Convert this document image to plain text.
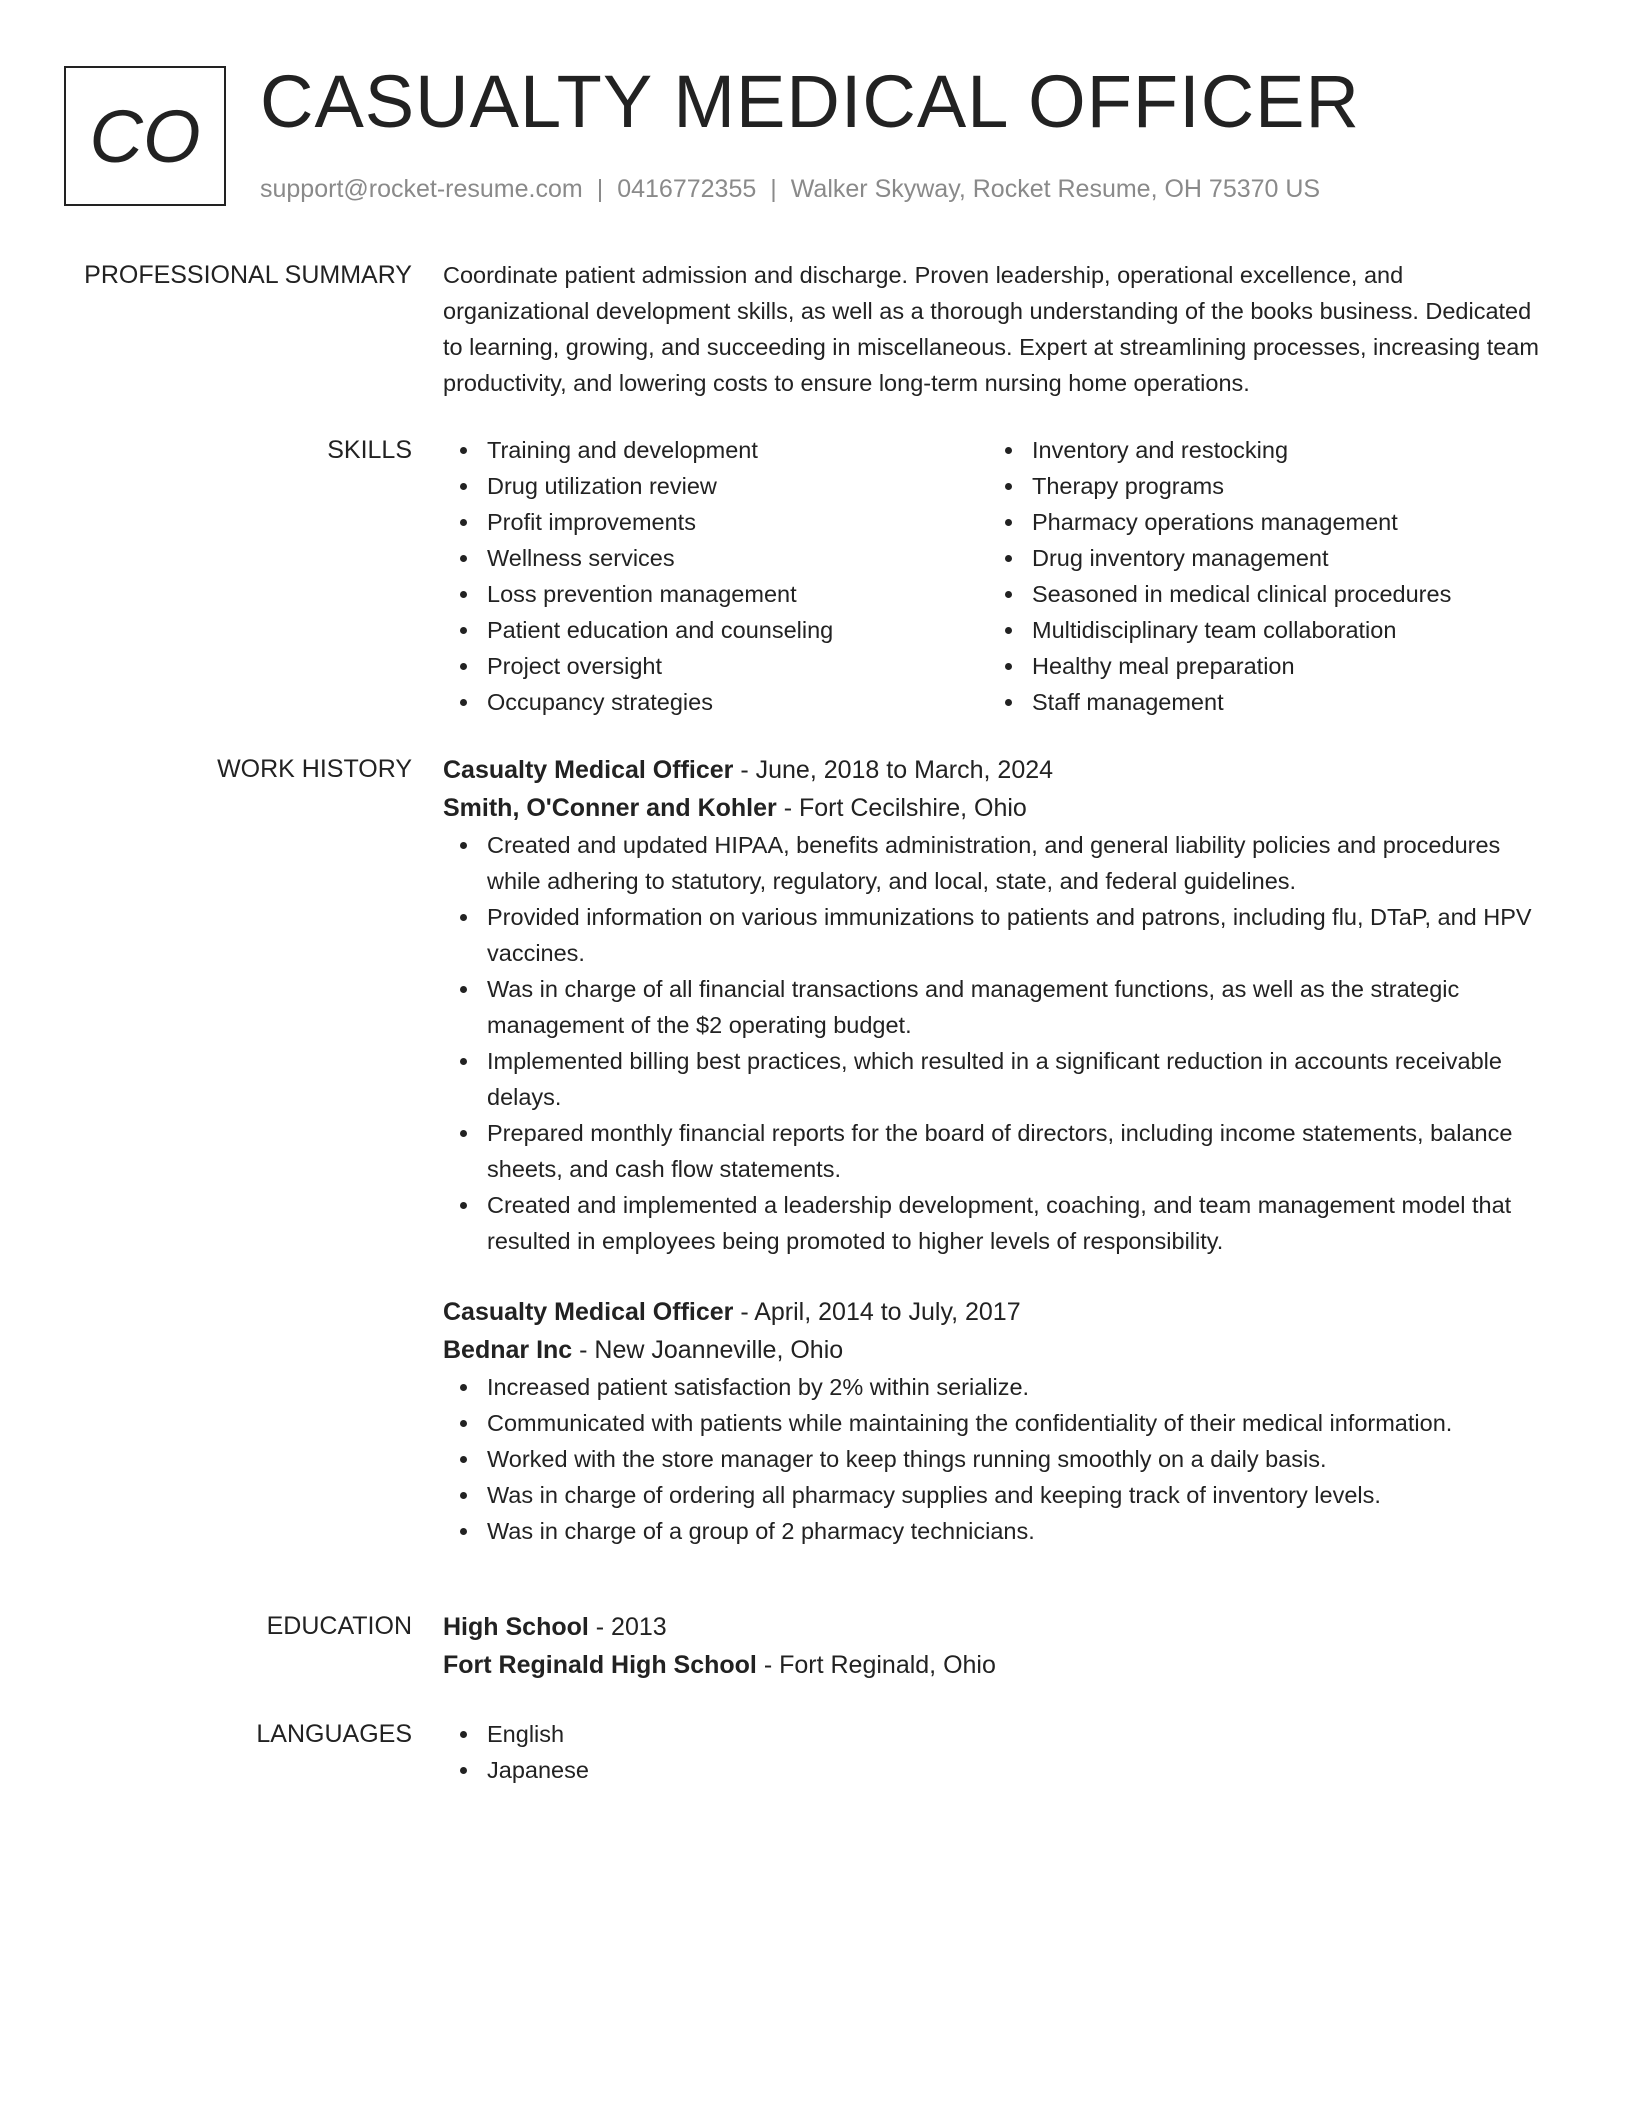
CO CASUALTY MEDICAL OFFICER
support@rocket-resume.com | 0416772355 | Walker Skyway, Rocket Resume, OH 75370 US
PROFESSIONAL SUMMARY Coordinate patient admission and discharge. Proven leadership, operational excellence, and organizational development skills, as well as a thorough understanding of the books business. Dedicated to learning, growing, and succeeding in miscellaneous. Expert at streamlining processes, increasing team productivity, and lowering costs to ensure long-term nursing home operations.

SKILLS	Training and development
Drug utilization review
Profit improvements
Wellness services
Loss prevention management
Patient education and counseling
Project oversight
Occupancy strategies
Inventory and restocking
Therapy programs
Pharmacy operations management
Drug inventory management
Seasoned in medical clinical procedures
Multidisciplinary team collaboration
Healthy meal preparation
Staff management
WORK HISTORY Casualty Medical Officer - June, 2018 to March, 2024
Smith, O'Conner and Kohler - Fort Cecilshire, Ohio
Created and updated HIPAA, benefits administration, and general liability policies and procedures while adhering to statutory, regulatory, and local, state, and federal guidelines.
Provided information on various immunizations to patients and patrons, including flu, DTaP, and HPV vaccines.
Was in charge of all financial transactions and management functions, as well as the strategic management of the $2 operating budget.
Implemented billing best practices, which resulted in a significant reduction in accounts receivable delays.
Prepared monthly financial reports for the board of directors, including income statements, balance sheets, and cash flow statements.
Created and implemented a leadership development, coaching, and team management model that resulted in employees being promoted to higher levels of responsibility.
Casualty Medical Officer - April, 2014 to July, 2017
Bednar Inc - New Joanneville, Ohio
Increased patient satisfaction by 2% within serialize.
Communicated with patients while maintaining the confidentiality of their medical information.
Worked with the store manager to keep things running smoothly on a daily basis.
Was in charge of ordering all pharmacy supplies and keeping track of inventory levels.
Was in charge of a group of 2 pharmacy technicians.
EDUCATION High School - 2013
Fort Reginald High School - Fort Reginald, Ohio
LANGUAGES	English
Japanese
